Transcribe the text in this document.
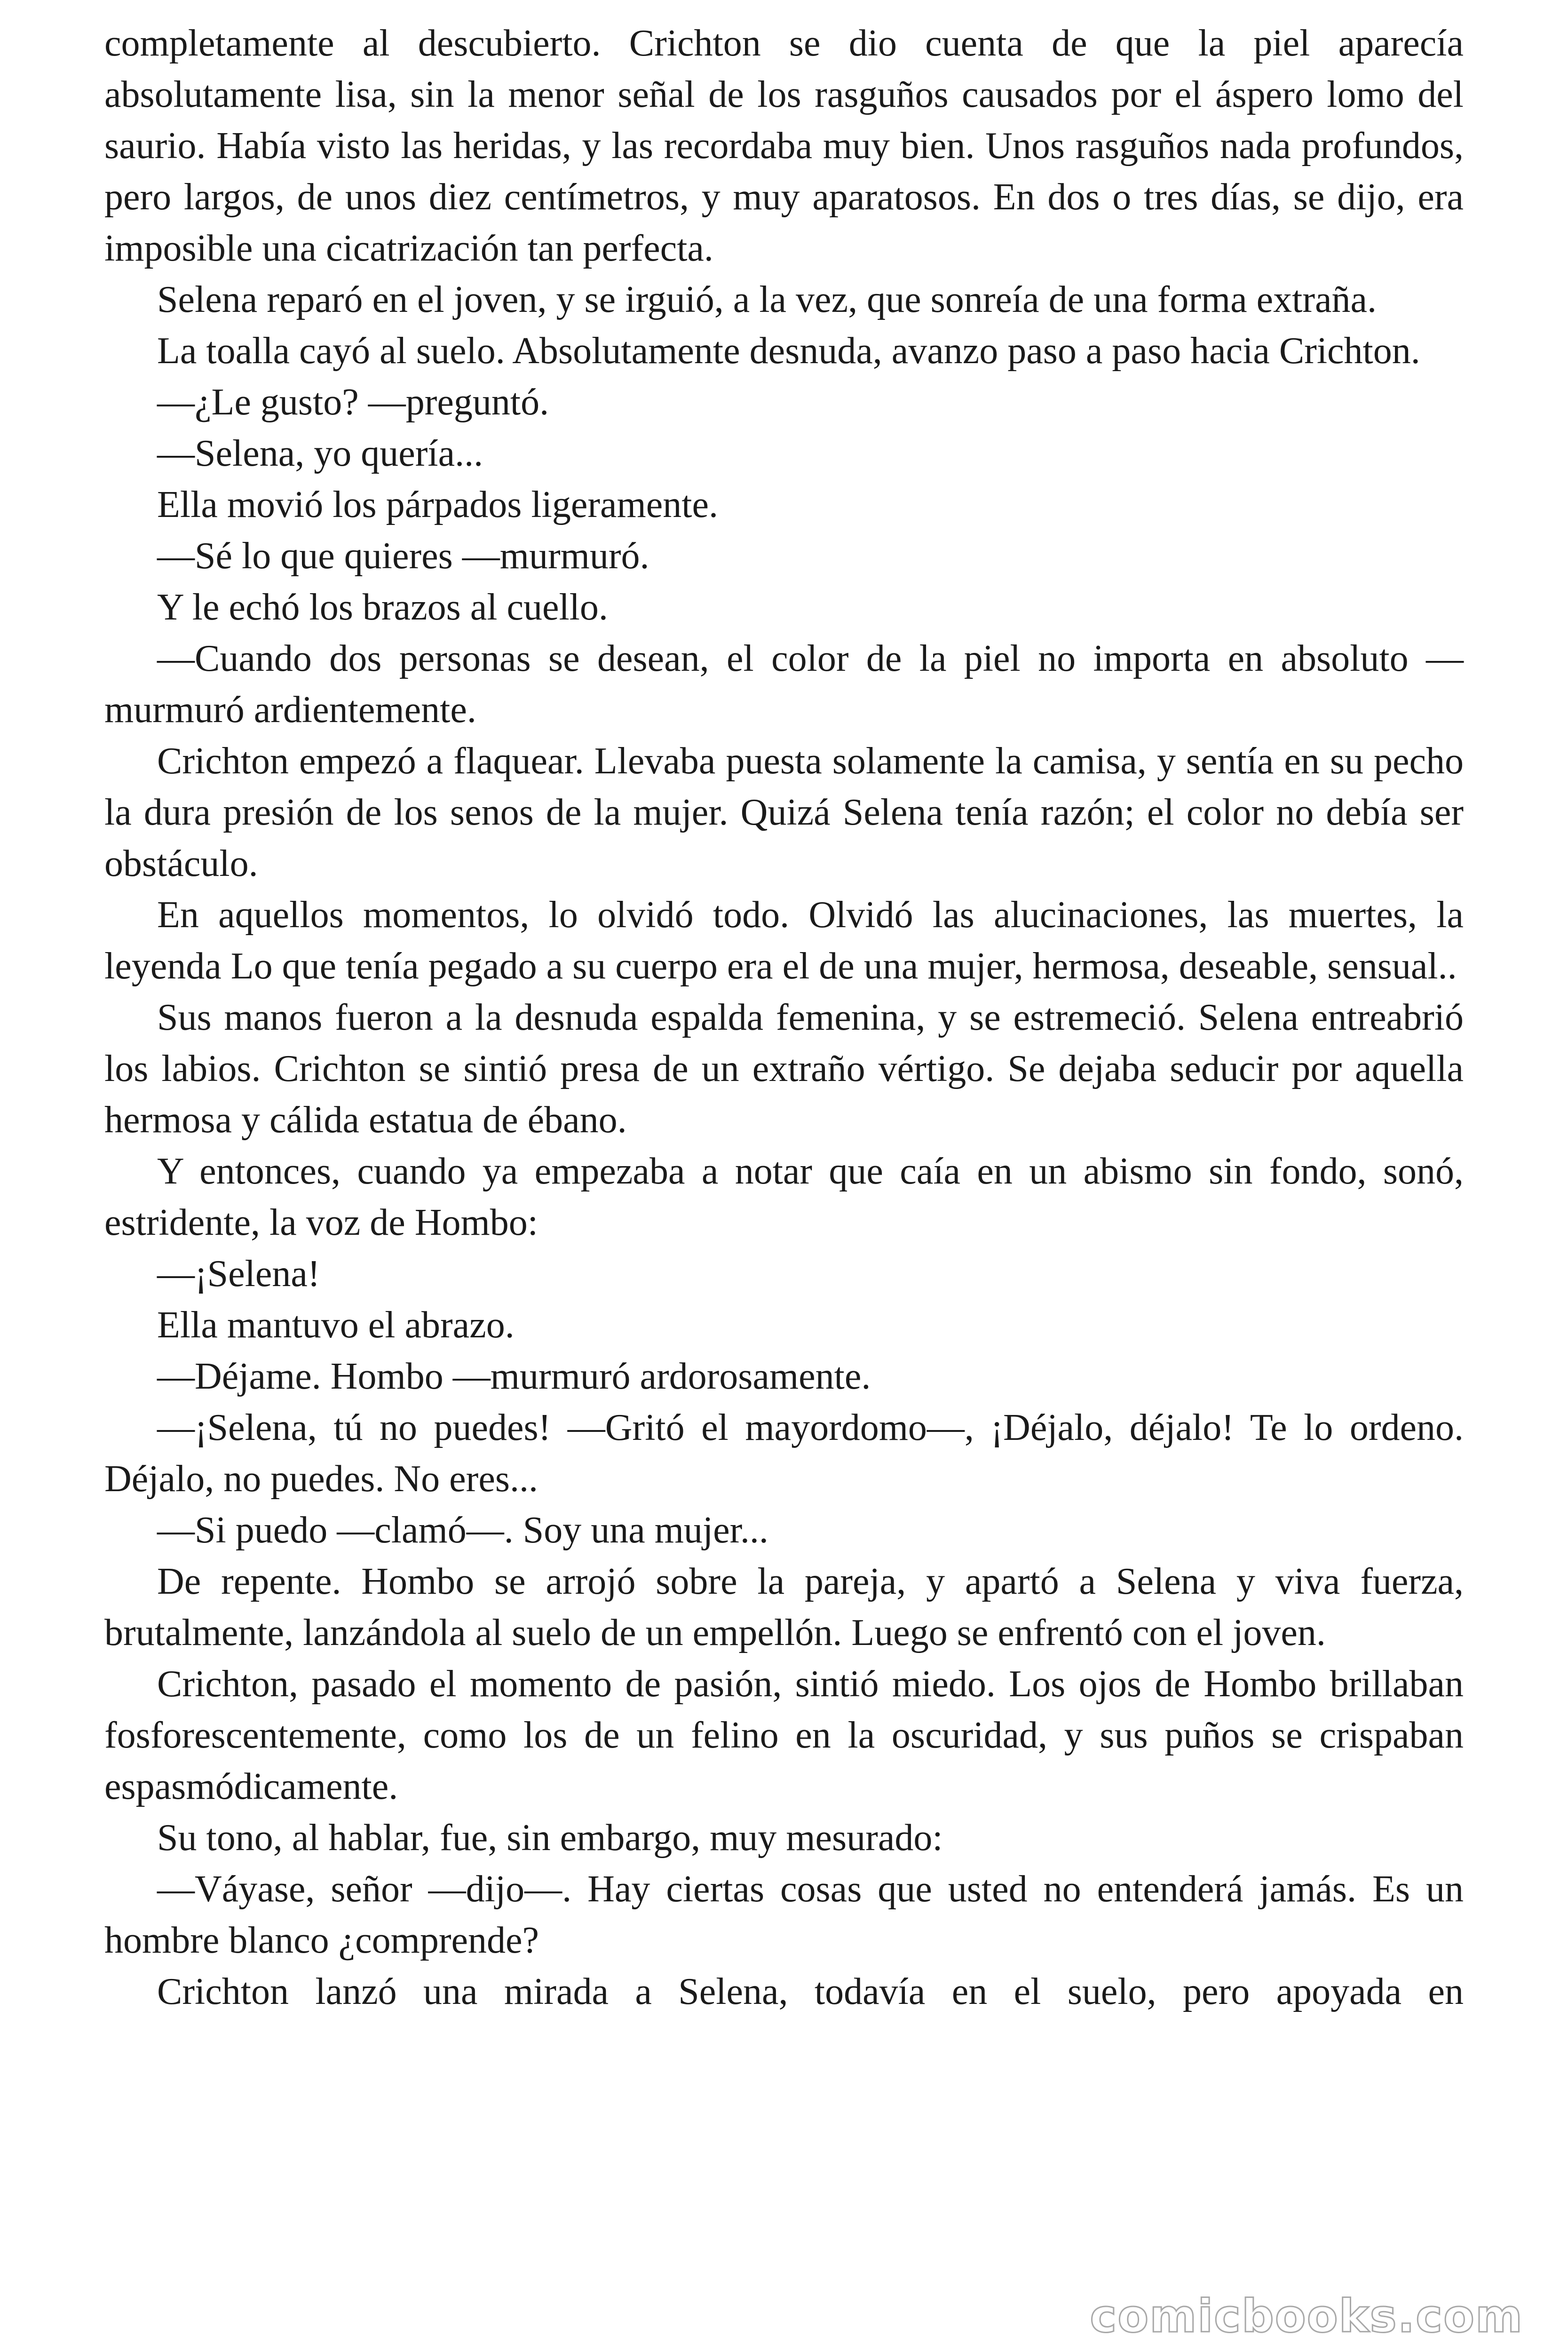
completamente al descubierto. Crichton se dio cuenta de que la piel aparecía absolutamente lisa, sin la menor señal de los rasguños causados por el áspero lomo del saurio. Había visto las heridas, y las recordaba muy bien. Unos rasguños nada profundos, pero largos, de unos diez centímetros, y muy aparatosos. En dos o tres días, se dijo, era imposible una cicatrización tan perfecta.

Selena reparó en el joven, y se irguió, a la vez, que sonreía de una forma extraña.

La toalla cayó al suelo. Absolutamente desnuda, avanzo paso a paso hacia Crichton.

—¿Le gusto? —preguntó.

—Selena, yo quería...

Ella movió los párpados ligeramente.

—Sé lo que quieres —murmuró.

Y le echó los brazos al cuello.

—Cuando dos personas se desean, el color de la piel no importa en absoluto —murmuró ardientemente.

Crichton empezó a flaquear. Llevaba puesta solamente la camisa, y sentía en su pecho la dura presión de los senos de la mujer. Quizá Selena tenía razón; el color no debía ser obstáculo.

En aquellos momentos, lo olvidó todo. Olvidó las alucinaciones, las muertes, la leyenda Lo que tenía pegado a su cuerpo era el de una mujer, hermosa, deseable, sensual..

Sus manos fueron a la desnuda espalda femenina, y se estremeció. Selena entreabrió los labios. Crichton se sintió presa de un extraño vértigo. Se dejaba seducir por aquella hermosa y cálida estatua de ébano.

Y entonces, cuando ya empezaba a notar que caía en un abismo sin fondo, sonó, estridente, la voz de Hombo:

—¡Selena!

Ella mantuvo el abrazo.

—Déjame. Hombo —murmuró ardorosamente.

—¡Selena, tú no puedes! —Gritó el mayordomo—, ¡Déjalo, déjalo! Te lo ordeno. Déjalo, no puedes. No eres...

—Si puedo —clamó—. Soy una mujer...

De repente. Hombo se arrojó sobre la pareja, y apartó a Selena y viva fuerza, brutalmente, lanzándola al suelo de un empellón. Luego se enfrentó con el joven.

Crichton, pasado el momento de pasión, sintió miedo. Los ojos de Hombo brillaban fosforescentemente, como los de un felino en la oscuridad, y sus puños se crispaban espasmódicamente.

Su tono, al hablar, fue, sin embargo, muy mesurado:

—Váyase, señor —dijo—. Hay ciertas cosas que usted no entenderá jamás. Es un hombre blanco ¿comprende?

Crichton lanzó una mirada a Selena, todavía en el suelo, pero apoyada en

comicbooks.com
